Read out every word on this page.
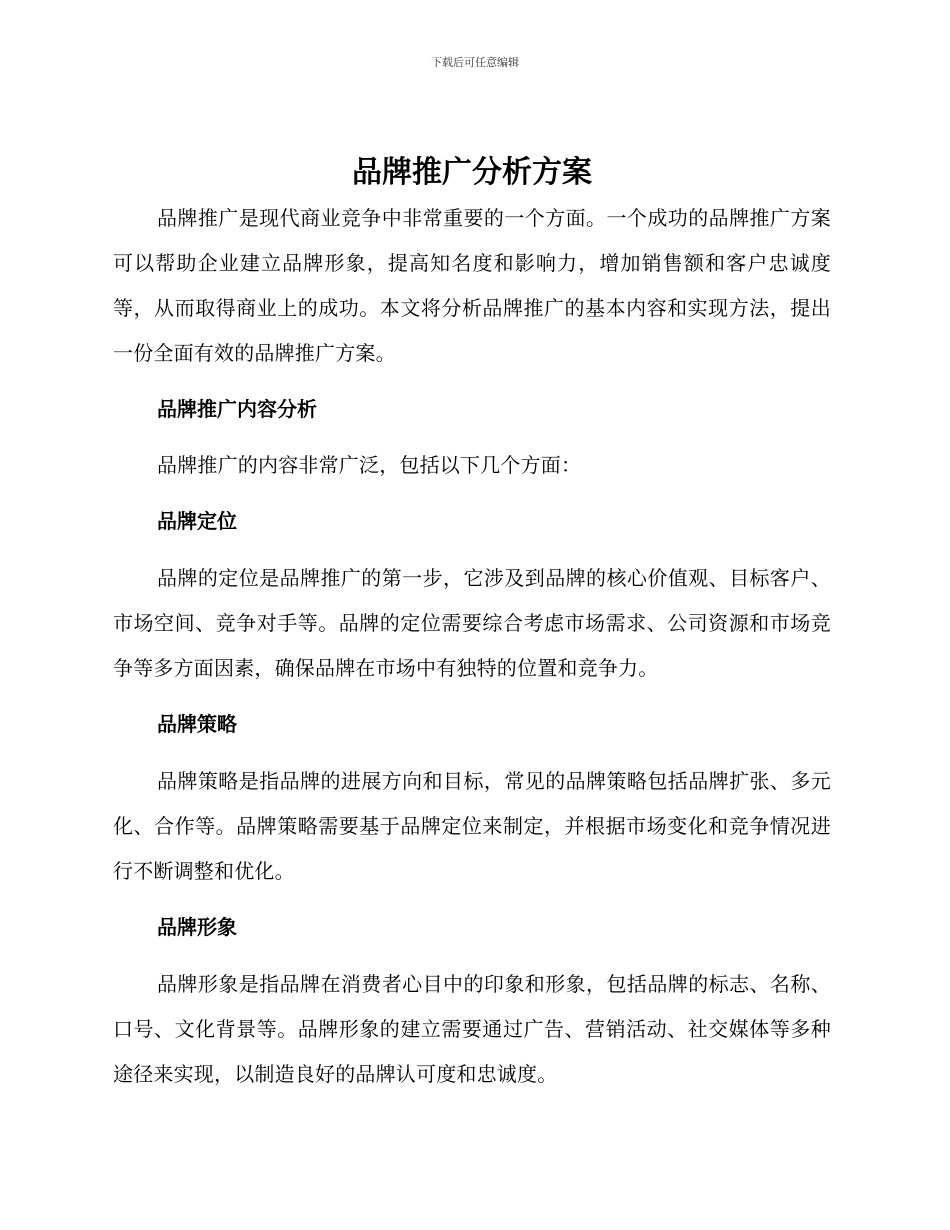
下载后可任意编辑
品牌推广分析方案

品牌推广是现代商业竞争中非常重要的一个方面。一个成功的品牌推广方案可以帮助企业建立品牌形象，提高知名度和影响力，增加销售额和客户忠诚度等，从而取得商业上的成功。本文将分析品牌推广的基本内容和实现方法，提出一份全面有效的品牌推广方案。

品牌推广内容分析

品牌推广的内容非常广泛，包括以下几个方面：

品牌定位

品牌的定位是品牌推广的第一步，它涉及到品牌的核心价值观、目标客户、市场空间、竞争对手等。品牌的定位需要综合考虑市场需求、公司资源和市场竞争等多方面因素，确保品牌在市场中有独特的位置和竞争力。

品牌策略

品牌策略是指品牌的进展方向和目标，常见的品牌策略包括品牌扩张、多元化、合作等。品牌策略需要基于品牌定位来制定，并根据市场变化和竞争情况进行不断调整和优化。

品牌形象

品牌形象是指品牌在消费者心目中的印象和形象，包括品牌的标志、名称、口号、文化背景等。品牌形象的建立需要通过广告、营销活动、社交媒体等多种途径来实现，以制造良好的品牌认可度和忠诚度。
